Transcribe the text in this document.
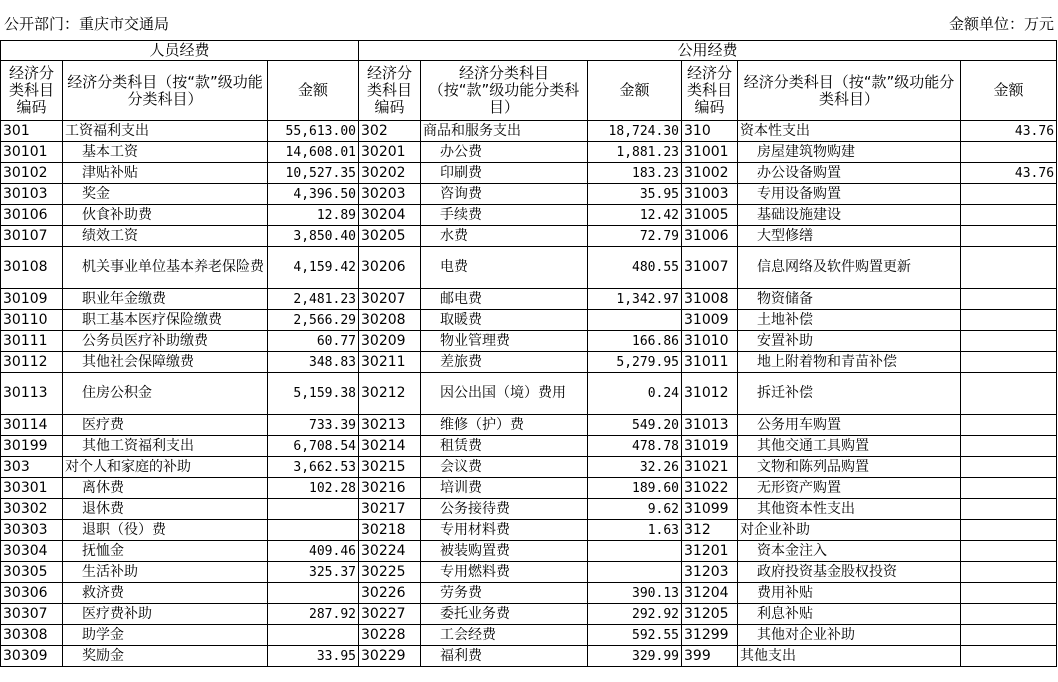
公开部门：重庆市交通局	金额单位：万元
人员经费			公用经费					
经济分类科目编码	经济分类科目（按“款”级功能分类科目）	金额	经济分类科目编码	经济分类科目（按“款”级功能分类科目）	金额	经济分类科目编码	经济分类科目（按“款”级功能分类科目）	金额
301	工资福利支出	55,613.00	302	商品和服务支出	18,724.30	310	资本性支出	43.76
30101	基本工资	14,608.01	30201	办公费	1,881.23	31001	房屋建筑物购建	
30102	津贴补贴	10,527.35	30202	印刷费	183.23	31002	办公设备购置	43.76
30103	奖金	4,396.50	30203	咨询费	35.95	31003	专用设备购置	
30106	伙食补助费	12.89	30204	手续费	12.42	31005	基础设施建设	
30107	绩效工资	3,850.40	30205	水费	72.79	31006	大型修缮	
30108	机关事业单位基本养老保险费	4,159.42	30206	电费	480.55	31007	信息网络及软件购置更新	
30109	职业年金缴费	2,481.23	30207	邮电费	1,342.97	31008	物资储备	
30110	职工基本医疗保险缴费	2,566.29	30208	取暖费		31009	土地补偿	
30111	公务员医疗补助缴费	60.77	30209	物业管理费	166.86	31010	安置补助	
30112	其他社会保障缴费	348.83	30211	差旅费	5,279.95	31011	地上附着物和青苗补偿	
30113	住房公积金	5,159.38	30212	因公出国（境）费用	0.24	31012	拆迁补偿	
30114	医疗费	733.39	30213	维修（护）费	549.20	31013	公务用车购置	
30199	其他工资福利支出	6,708.54	30214	租赁费	478.78	31019	其他交通工具购置	
303	对个人和家庭的补助	3,662.53	30215	会议费	32.26	31021	文物和陈列品购置	
30301	离休费	102.28	30216	培训费	189.60	31022	无形资产购置	
30302	退休费		30217	公务接待费	9.62	31099	其他资本性支出	
30303	退职（役）费		30218	专用材料费	1.63	312	对企业补助	
30304	抚恤金	409.46	30224	被装购置费		31201	资本金注入	
30305	生活补助	325.37	30225	专用燃料费		31203	政府投资基金股权投资	
30306	救济费		30226	劳务费	390.13	31204	费用补贴	
30307	医疗费补助	287.92	30227	委托业务费	292.92	31205	利息补贴	
30308	助学金		30228	工会经费	592.55	31299	其他对企业补助	
30309	奖励金	33.95	30229	福利费	329.99	399	其他支出	
